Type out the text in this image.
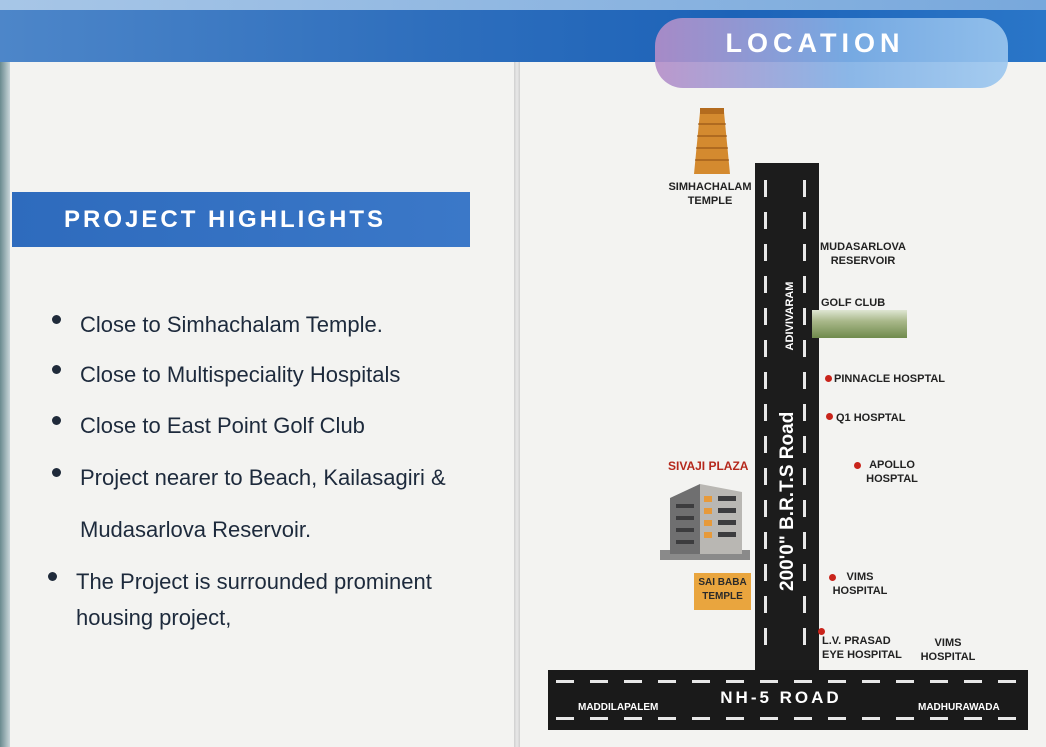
LOCATION
PROJECT HIGHLIGHTS
Close to Simhachalam Temple.
Close to Multispeciality Hospitals
Close to East Point Golf Club
Project nearer to Beach, Kailasagiri &
Mudasarlova Reservoir.
The Project is surrounded prominent
housing project,
ADIVIVARAM
200'0" B.R.T.S Road
NH-5 ROAD
MADDILAPALEM	MADHURAWADA
SIMHACHALAM
TEMPLE
MUDASARLOVA
RESERVOIR
GOLF CLUB
PINNACLE HOSPTAL
Q1 HOSPTAL
APOLLO
HOSPTAL
SIVAJI PLAZA
VIMS
HOSPITAL
SAI BABA
TEMPLE
L.V. PRASAD
EYE HOSPITAL
VIMS
HOSPITAL
